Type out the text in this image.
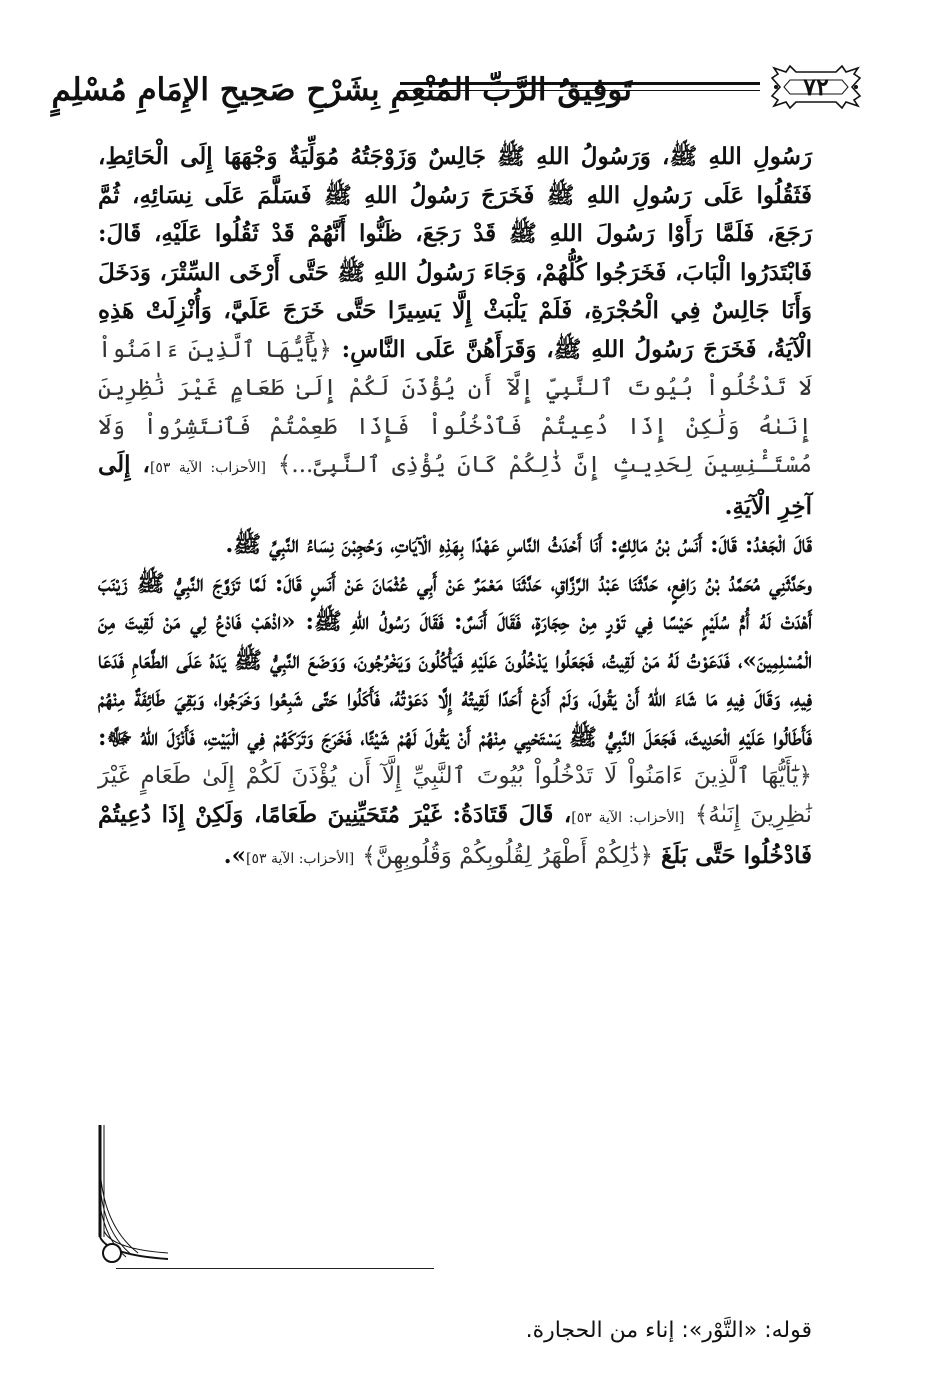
تَوفِيقُ الرَّبِّ المُنْعِمِ بِشَرْحِ صَحِيحِ الإِمَامِ مُسْلِمٍ	٧٢

رَسُولِ اللهِ ﷺ، وَرَسُولُ اللهِ ﷺ جَالِسٌ وَزَوْجَتُهُ مُوَلِّيَةٌ وَجْهَهَا إِلَى الْحَائِطِ، فَثَقُلُوا عَلَى رَسُولِ اللهِ ﷺ فَخَرَجَ رَسُولُ اللهِ ﷺ فَسَلَّمَ عَلَى نِسَائِهِ، ثُمَّ رَجَعَ، فَلَمَّا رَأَوْا رَسُولَ اللهِ ﷺ قَدْ رَجَعَ، ظَنُّوا أَنَّهُمْ قَدْ ثَقُلُوا عَلَيْهِ، قَالَ: فَابْتَدَرُوا الْبَابَ، فَخَرَجُوا كُلُّهُمْ، وَجَاءَ رَسُولُ اللهِ ﷺ حَتَّى أَرْخَى السِّتْرَ، وَدَخَلَ وَأَنَا جَالِسٌ فِي الْحُجْرَةِ، فَلَمْ يَلْبَثْ إِلَّا يَسِيرًا حَتَّى خَرَجَ عَلَيَّ، وَأُنْزِلَتْ هَذِهِ الْآيَةُ، فَخَرَجَ رَسُولُ اللهِ ﷺ، وَقَرَأَهُنَّ عَلَى النَّاسِ: ﴿يَٰٓأَيُّهَا ٱلَّذِينَ ءَامَنُواْ لَا تَدْخُلُواْ بُيُوتَ ٱلنَّبِيِّ إِلَّآ أَن يُؤْذَنَ لَكُمْ إِلَىٰ طَعَامٍ غَيْرَ نَٰظِرِينَ إِنَىٰهُ وَلَٰكِنْ إِذَا دُعِيتُمْ فَٱدْخُلُواْ فَإِذَا طَعِمْتُمْ فَٱنتَشِرُواْ وَلَا مُسْتَـْٔنِسِينَ لِحَدِيثٍ إِنَّ ذَٰلِكُمْ كَانَ يُؤْذِى ٱلنَّبِىَّ...﴾ [الأحزاب: الآية ٥٣]، إِلَى آخِرِ الْآيَةِ.

قَالَ الْجَعْدُ: قَالَ: أَنَسُ بْنُ مَالِكٍ: أَنَا أَحْدَثُ النَّاسِ عَهْدًا بِهَذِهِ الْآيَاتِ، وَحُجِبْنَ نِسَاءُ النَّبِيِّ ﷺ.

وحَدَّثَنِي مُحَمَّدُ بْنُ رَافِعٍ، حَدَّثَنَا عَبْدُ الرَّزَّاقِ، حَدَّثَنَا مَعْمَرٌ عَنْ أَبِي عُثْمَانَ عَنْ أَنَسٍ قَالَ: لَمَّا تَزَوَّجَ النَّبِيُّ ﷺ زَيْنَبَ أَهْدَتْ لَهُ أُمُّ سُلَيْمٍ حَيْسًا فِي تَوْرٍ مِنْ حِجَارَةٍ، فَقَالَ أَنَسٌ: فَقَالَ رَسُولُ اللهِ ﷺ: «اذْهَبْ فَادْعُ لِي مَنْ لَقِيتَ مِنَ الْمُسْلِمِينَ»، فَدَعَوْتُ لَهُ مَنْ لَقِيتُ، فَجَعَلُوا يَدْخُلُونَ عَلَيْهِ فَيَأْكُلُونَ وَيَخْرُجُونَ، وَوَضَعَ النَّبِيُّ ﷺ يَدَهُ عَلَى الطَّعَامِ فَدَعَا فِيهِ، وَقَالَ فِيهِ مَا شَاءَ اللهُ أَنْ يَقُولَ، وَلَمْ أَدَعْ أَحَدًا لَقِيتُهُ إِلَّا دَعَوْتُهُ، فَأَكَلُوا حَتَّى شَبِعُوا وَخَرَجُوا، وَبَقِيَ طَائِفَةٌ مِنْهُمْ فَأَطَالُوا عَلَيْهِ الْحَدِيثَ، فَجَعَلَ النَّبِيُّ ﷺ يَسْتَحْيِي مِنْهُمْ أَنْ يَقُولَ لَهُمْ شَيْئًا، فَخَرَجَ وَتَرَكَهُمْ فِي الْبَيْتِ، فَأَنْزَلَ اللهُ ﷻ: ﴿يَٰٓأَيُّهَا ٱلَّذِينَ ءَامَنُواْ لَا تَدْخُلُواْ بُيُوتَ ٱلنَّبِيِّ إِلَّآ أَن يُؤْذَنَ لَكُمْ إِلَىٰ طَعَامٍ غَيْرَ نَٰظِرِينَ إِنَىٰهُ﴾ [الأحزاب: الآية ٥٣]، قَالَ قَتَادَةُ: غَيْرَ مُتَحَيِّنِينَ طَعَامًا، وَلَكِنْ إِذَا دُعِيتُمْ فَادْخُلُوا حَتَّى بَلَغَ ﴿ذَٰلِكُمْ أَطْهَرُ لِقُلُوبِكُمْ وَقُلُوبِهِنَّ﴾ [الأحزاب: الآية ٥٣]».

قوله: «التَّوْر»: إناء من الحجارة.
